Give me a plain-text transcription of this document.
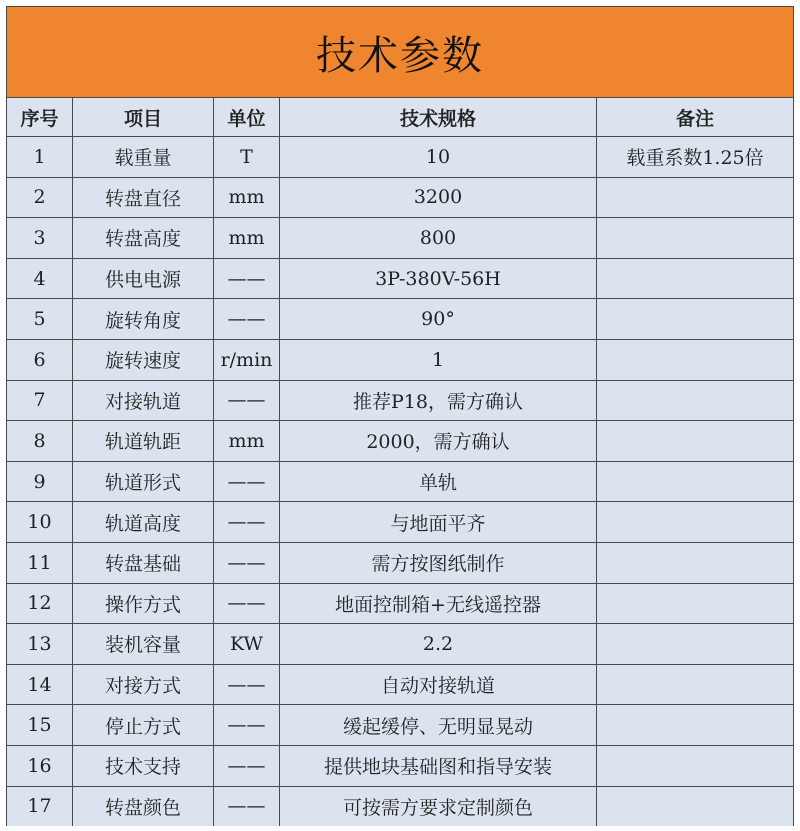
技术参数
序号	项目	单位	技术规格	备注
1	载重量	T	10	载重系数1.25倍
2	转盘直径	mm	3200	
3	转盘高度	mm	800	
4	供电电源	——	3P-380V-56H	
5	旋转角度	——	90°	
6	旋转速度	r/min	1	
7	对接轨道	——	推荐P18，需方确认	
8	轨道轨距	mm	2000，需方确认	
9	轨道形式	——	单轨	
10	轨道高度	——	与地面平齐	
11	转盘基础	——	需方按图纸制作	
12	操作方式	——	地面控制箱+无线遥控器	
13	装机容量	KW	2.2	
14	对接方式	——	自动对接轨道	
15	停止方式	——	缓起缓停、无明显晃动	
16	技术支持	——	提供地块基础图和指导安装	
17	转盘颜色	——	可按需方要求定制颜色	
